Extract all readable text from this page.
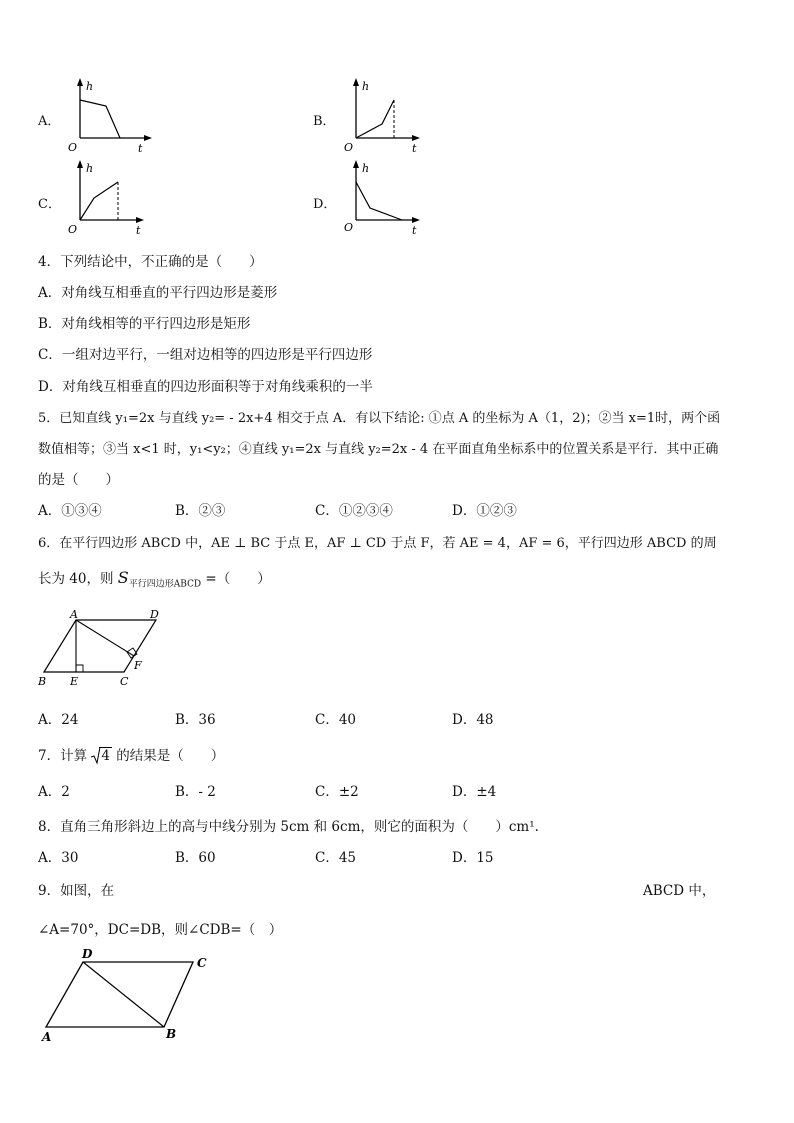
A．
h
O	t
B．
h
O	t
C．
h
O	t
D．
h
O	t
4．下列结论中，不正确的是（　　）
A．对角线互相垂直的平行四边形是菱形
B．对角线相等的平行四边形是矩形
C．一组对边平行，一组对边相等的四边形是平行四边形
D．对角线互相垂直的四边形面积等于对角线乘积的一半
5．已知直线 y₁=2x 与直线 y₂= - 2x+4 相交于点 A．有以下结论: ①点 A 的坐标为 A（1，2)；②当 x=1时，两个函
数值相等；③当 x<1 时，y₁<y₂；④直线 y₁=2x 与直线 y₂=2x - 4 在平面直角坐标系中的位置关系是平行．其中正确
的是（　　）
A．①③④	B．②③	C．①②③④	D．①②③
6．在平行四边形 ABCD 中，AE ⊥ BC 于点 E，AF ⊥ CD 于点 F，若 AE = 4，AF = 6，平行四边形 ABCD 的周
长为 40，则 $S_{平行四边形ABCD}$ =（　　）
A	D
B E	C
F
A．24	B．36	C．40	D．48
7．计算
4 的结果是（　　）
A．2	B．- 2	C．±2	D．±4
8．直角三角形斜边上的高与中线分别为 5cm 和 6cm，则它的面积为（　　）cm¹.
A．30	B．60	C．45	D．15
9．如图，在	ABCD 中，
∠A=70°，DC=DB，则∠CDB=（　）
D
C
A	B
